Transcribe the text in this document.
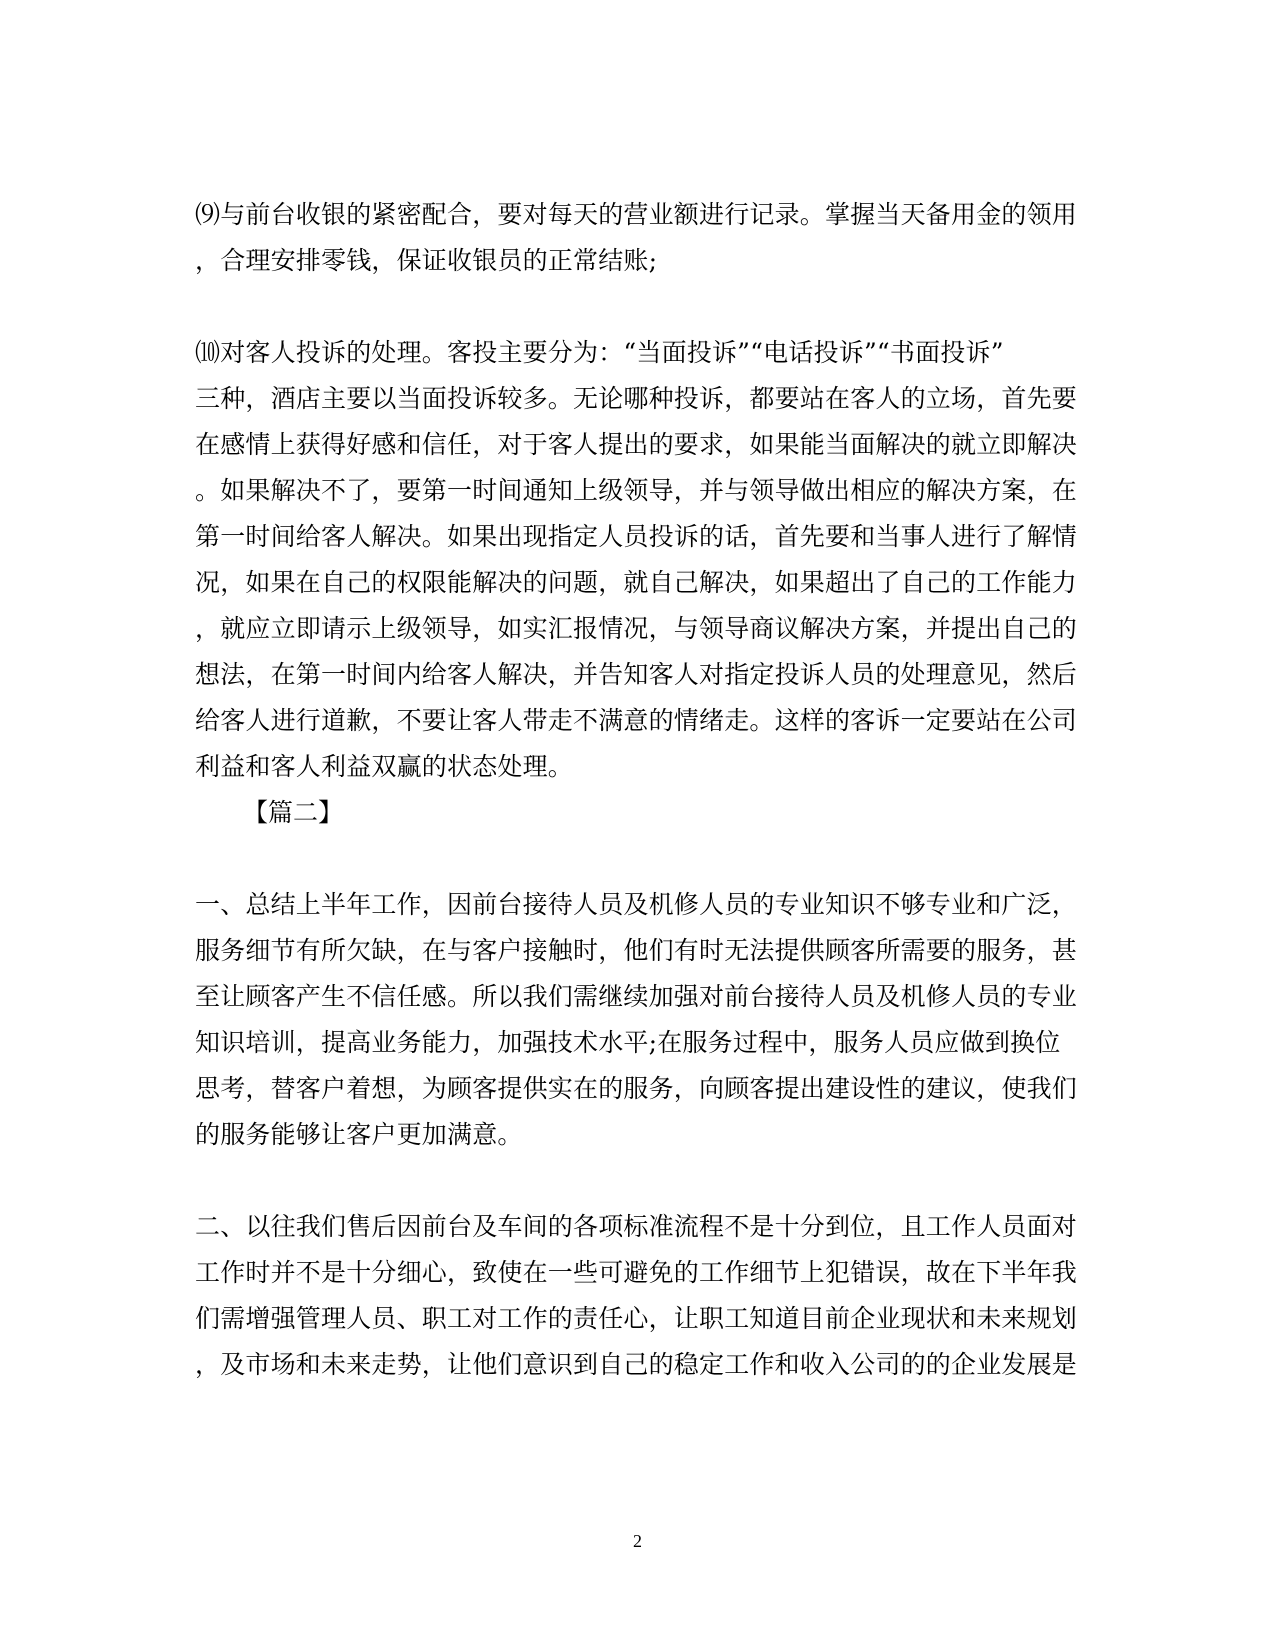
⑼与前台收银的紧密配合，要对每天的营业额进行记录。掌握当天备用金的领用
，合理安排零钱，保证收银员的正常结账;
⑽对客人投诉的处理。客投主要分为：“当面投诉”“电话投诉”“书面投诉”
三种，酒店主要以当面投诉较多。无论哪种投诉，都要站在客人的立场，首先要
在感情上获得好感和信任，对于客人提出的要求，如果能当面解决的就立即解决
。如果解决不了，要第一时间通知上级领导，并与领导做出相应的解决方案，在
第一时间给客人解决。如果出现指定人员投诉的话，首先要和当事人进行了解情
况，如果在自己的权限能解决的问题，就自己解决，如果超出了自己的工作能力
，就应立即请示上级领导，如实汇报情况，与领导商议解决方案，并提出自己的
想法，在第一时间内给客人解决，并告知客人对指定投诉人员的处理意见，然后
给客人进行道歉，不要让客人带走不满意的情绪走。这样的客诉一定要站在公司
利益和客人利益双赢的状态处理。
【篇二】
一、总结上半年工作，因前台接待人员及机修人员的专业知识不够专业和广泛，
服务细节有所欠缺，在与客户接触时，他们有时无法提供顾客所需要的服务，甚
至让顾客产生不信任感。所以我们需继续加强对前台接待人员及机修人员的专业
知识培训，提高业务能力，加强技术水平;在服务过程中，服务人员应做到换位
思考，替客户着想，为顾客提供实在的服务，向顾客提出建设性的建议，使我们
的服务能够让客户更加满意。
二、以往我们售后因前台及车间的各项标准流程不是十分到位，且工作人员面对
工作时并不是十分细心，致使在一些可避免的工作细节上犯错误，故在下半年我
们需增强管理人员、职工对工作的责任心，让职工知道目前企业现状和未来规划
，及市场和未来走势，让他们意识到自己的稳定工作和收入公司的的企业发展是
2
